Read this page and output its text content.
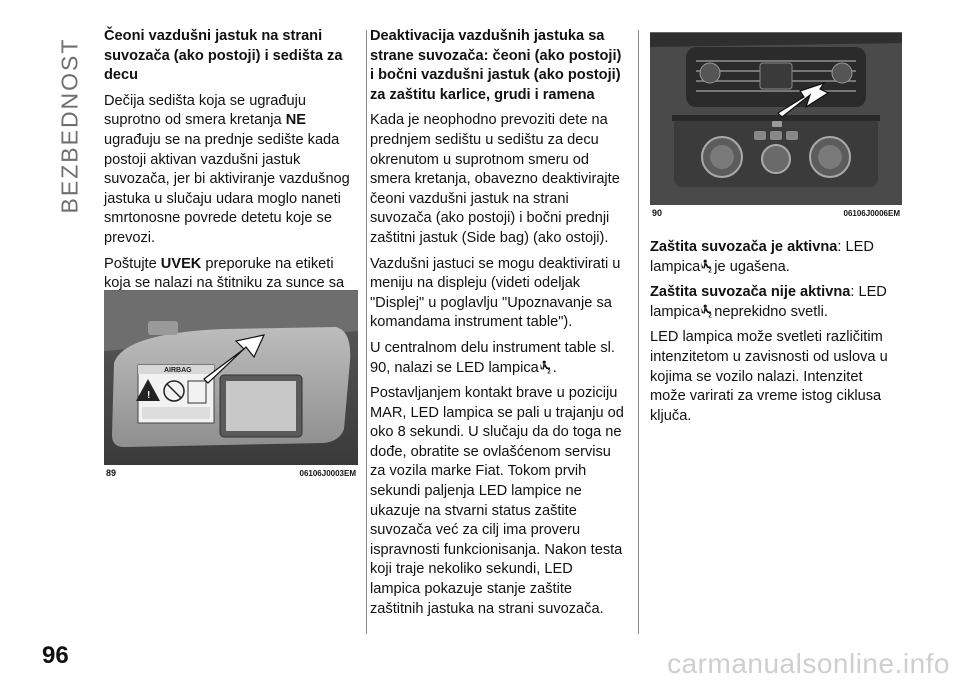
BEZBEDNOST

Čeoni vazdušni jastuk na strani suvozača (ako postoji) i sedišta za decu

Dečija sedišta koja se ugrađuju suprotno od smera kretanja NE ugrađuju se na prednje sedište kada postoji aktivan vazdušni jastuk suvozača, jer bi aktiviranje vazdušnog jastuka u slučaju udara moglo naneti smrtonosne povrede detetu koje se prevozi.

Poštujte UVEK preporuke na etiketi koja se nalazi na štitniku za sunce sa

AIRBAG
!
89	06106J0003EM

Deaktivacija vazdušnih jastuka sa strane suvozača: čeoni (ako postoji) i bočni vazdušni jastuk (ako postoji) za zaštitu karlice, grudi i ramena

Kada je neophodno prevoziti dete na prednjem sedištu u sedištu za decu okrenutom u suprotnom smeru od smera kretanja, obavezno deaktivirajte čeoni vazdušni jastuk na strani suvozača (ako postoji) i bočni prednji zaštitni jastuk (Side bag) (ako ostoji).

Vazdušni jastuci se mogu deaktivirati u meniju na displeju (videti odeljak "Displej" u poglavlju "Upoznavanje sa komandama instrument table").

U centralnom delu instrument table sl. 90, nalazi se LED lampica .

Postavljanjem kontakt brave u poziciju MAR, LED lampica se pali u trajanju od oko 8 sekundi. U slučaju da do toga ne dođe, obratite se ovlašćenom servisu za vozila marke Fiat. Tokom prvih sekundi paljenja LED lampice ne ukazuje na stvarni status zaštite suvozača već za cilj ima proveru ispravnosti funkcionisanja. Nakon testa koji traje nekoliko sekundi, LED lampica pokazuje stanje zaštite zaštitnih jastuka na strani suvozača.

90	06106J0006EM

Zaštita suvozača je aktivna: LED lampica je ugašena.

Zaštita suvozača nije aktivna: LED lampica neprekidno svetli.

LED lampica može svetleti različitim intenzitetom u zavisnosti od uslova u kojima se vozilo nalazi. Intenzitet može varirati za vreme istog ciklusa ključa.

96	carmanualsonline.info
